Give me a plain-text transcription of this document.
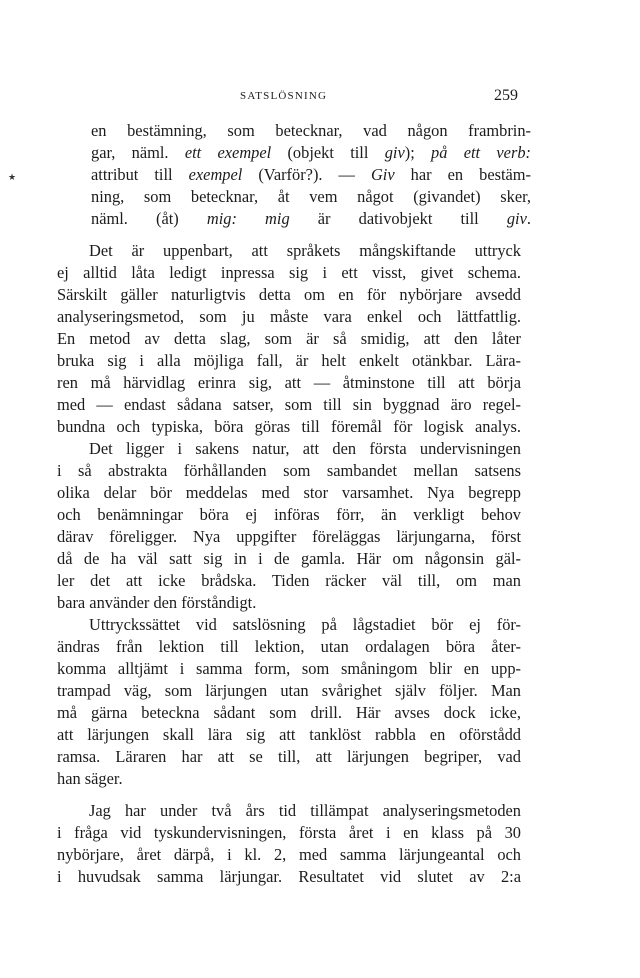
SATSLÖSNING	259
★
en bestämning, som betecknar, vad någon frambrin-
gar, näml. ett exempel (objekt till giv); på ett verb:
attribut till exempel (Varför?). — Giv har en bestäm-
ning, som betecknar, åt vem något (givandet) sker,
näml. (åt) mig: mig är dativobjekt till giv.
Det är uppenbart, att språkets mångskiftande uttryck
ej alltid låta ledigt inpressa sig i ett visst, givet schema.
Särskilt gäller naturligtvis detta om en för nybörjare avsedd
analyseringsmetod, som ju måste vara enkel och lättfattlig.
En metod av detta slag, som är så smidig, att den låter
bruka sig i alla möjliga fall, är helt enkelt otänkbar. Lära-
ren må härvidlag erinra sig, att — åtminstone till att börja
med — endast sådana satser, som till sin byggnad äro regel-
bundna och typiska, böra göras till föremål för logisk analys.
Det ligger i sakens natur, att den första undervisningen
i så abstrakta förhållanden som sambandet mellan satsens
olika delar bör meddelas med stor varsamhet. Nya begrepp
och benämningar böra ej införas förr, än verkligt behov
därav föreligger. Nya uppgifter föreläggas lärjungarna, först
då de ha väl satt sig in i de gamla. Här om någonsin gäl-
ler det att icke brådska. Tiden räcker väl till, om man
bara använder den förståndigt.
Uttryckssättet vid satslösning på lågstadiet bör ej för-
ändras från lektion till lektion, utan ordalagen böra åter-
komma alltjämt i samma form, som småningom blir en upp-
trampad väg, som lärjungen utan svårighet själv följer. Man
må gärna beteckna sådant som drill. Här avses dock icke,
att lärjungen skall lära sig att tanklöst rabbla en oförstådd
ramsa. Läraren har att se till, att lärjungen begriper, vad
han säger.
Jag har under två års tid tillämpat analyseringsmetoden
i fråga vid tyskundervisningen, första året i en klass på 30
nybörjare, året därpå, i kl. 2, med samma lärjungeantal och
i huvudsak samma lärjungar. Resultatet vid slutet av 2:a
